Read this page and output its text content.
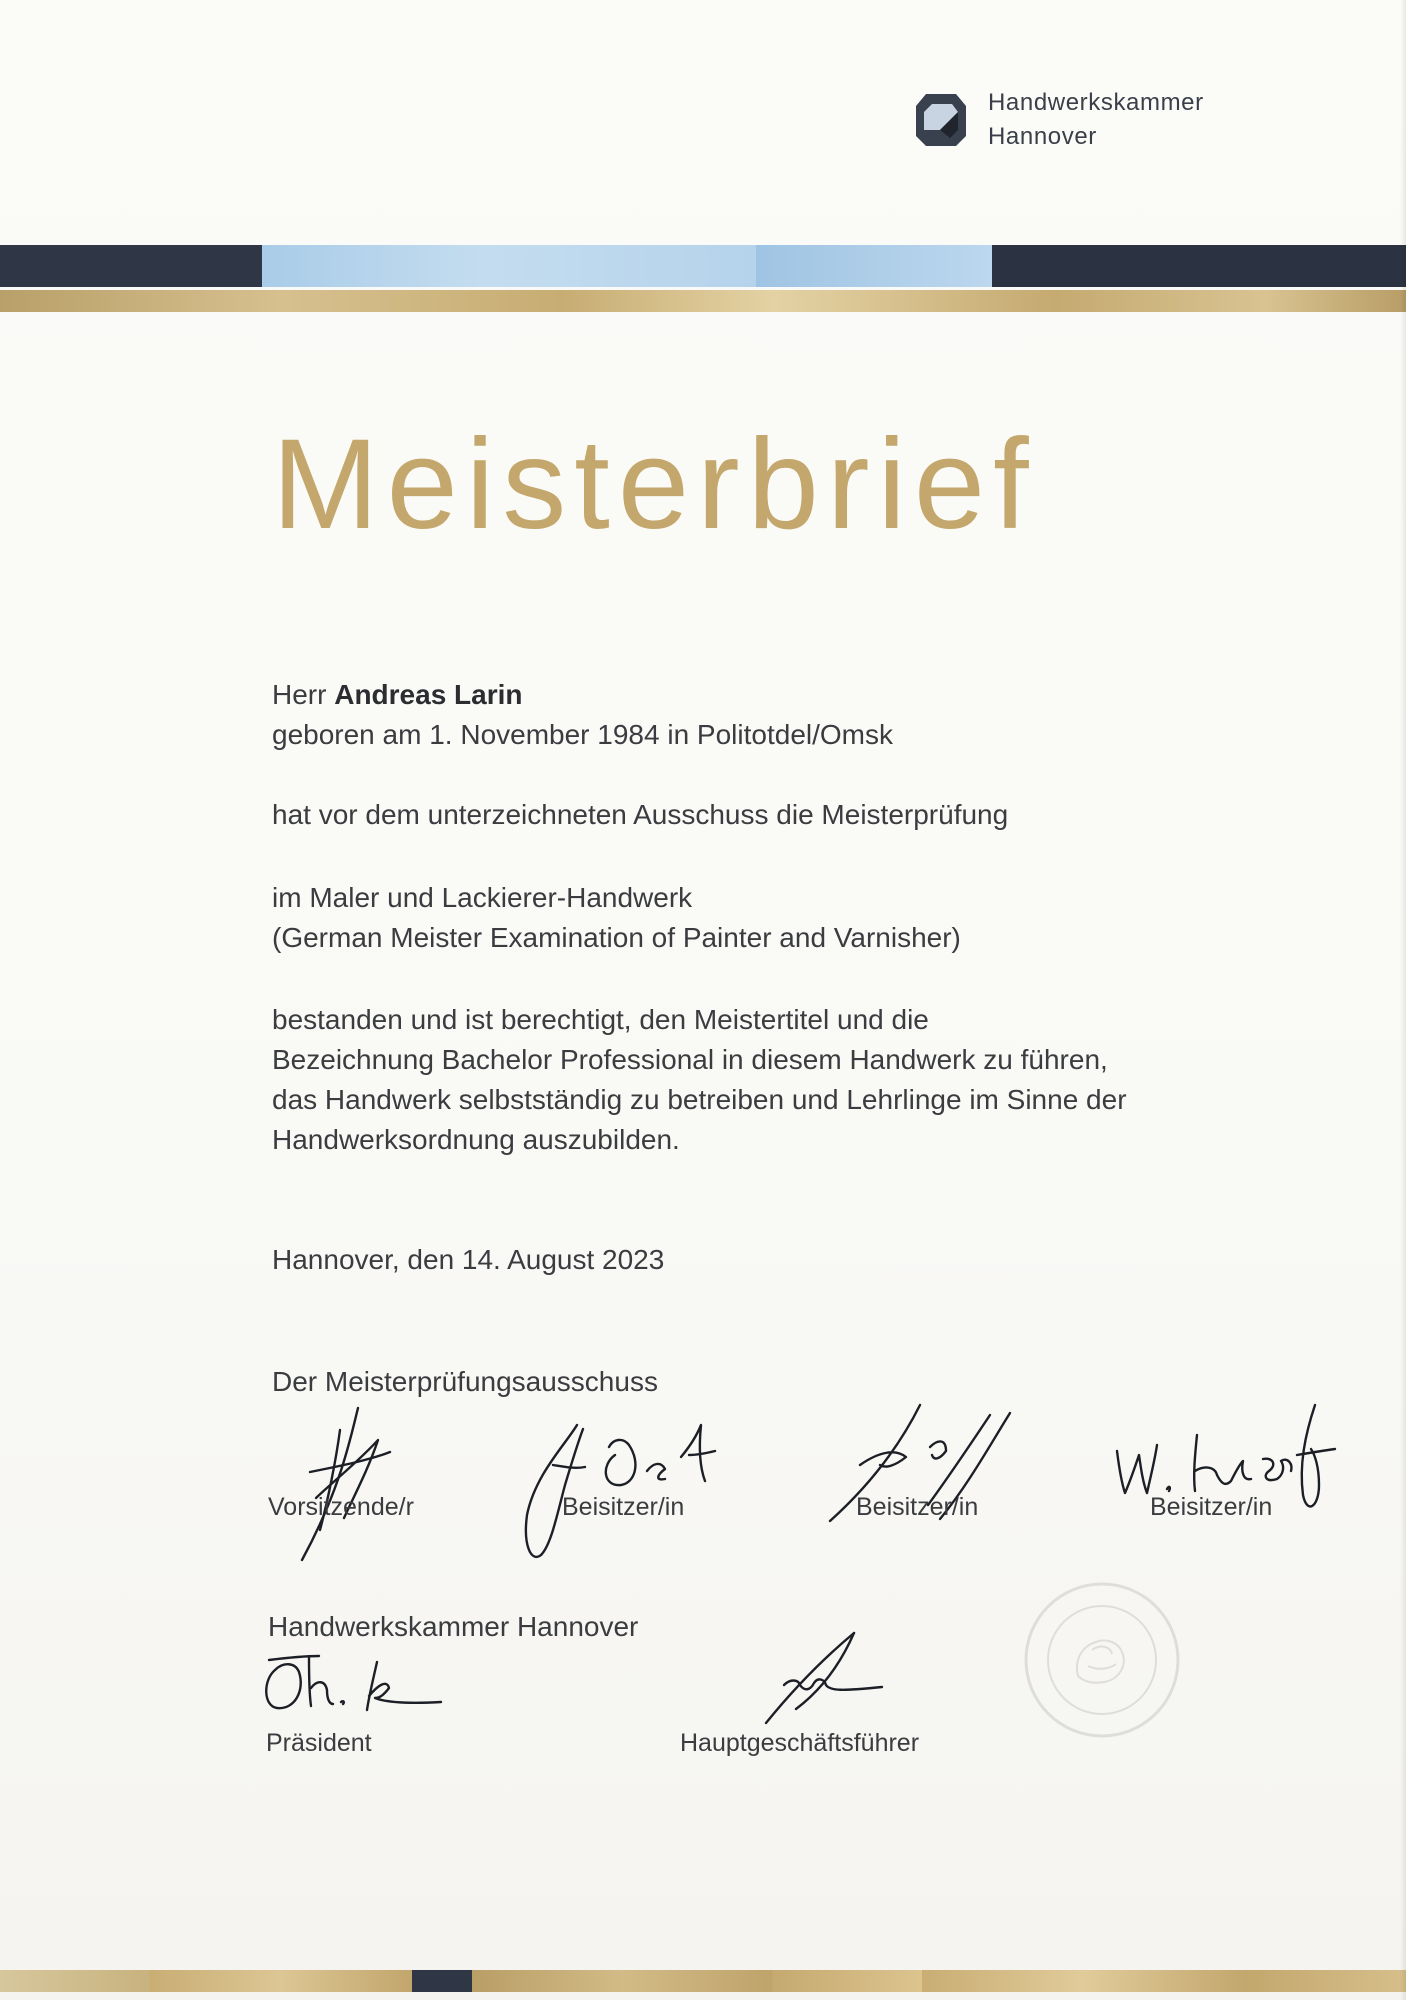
Handwerkskammer
Hannover
Meisterbrief

Herr Andreas Larin

geboren am 1. November 1984 in Politotdel/Omsk

hat vor dem unterzeichneten Ausschuss die Meisterprüfung

im Maler und Lackierer-Handwerk

(German Meister Examination of Painter and Varnisher)

bestanden und ist berechtigt, den Meistertitel und die

Bezeichnung Bachelor Professional in diesem Handwerk zu führen,

das Handwerk selbstständig zu betreiben und Lehrlinge im Sinne der

Handwerksordnung auszubilden.

Hannover, den 14. August 2023

Der Meisterprüfungsausschuss

Vorsitzende/r	Beisitzer/in	Beisitzer/in	Beisitzer/in

Handwerkskammer Hannover

Präsident	Hauptgeschäftsführer
